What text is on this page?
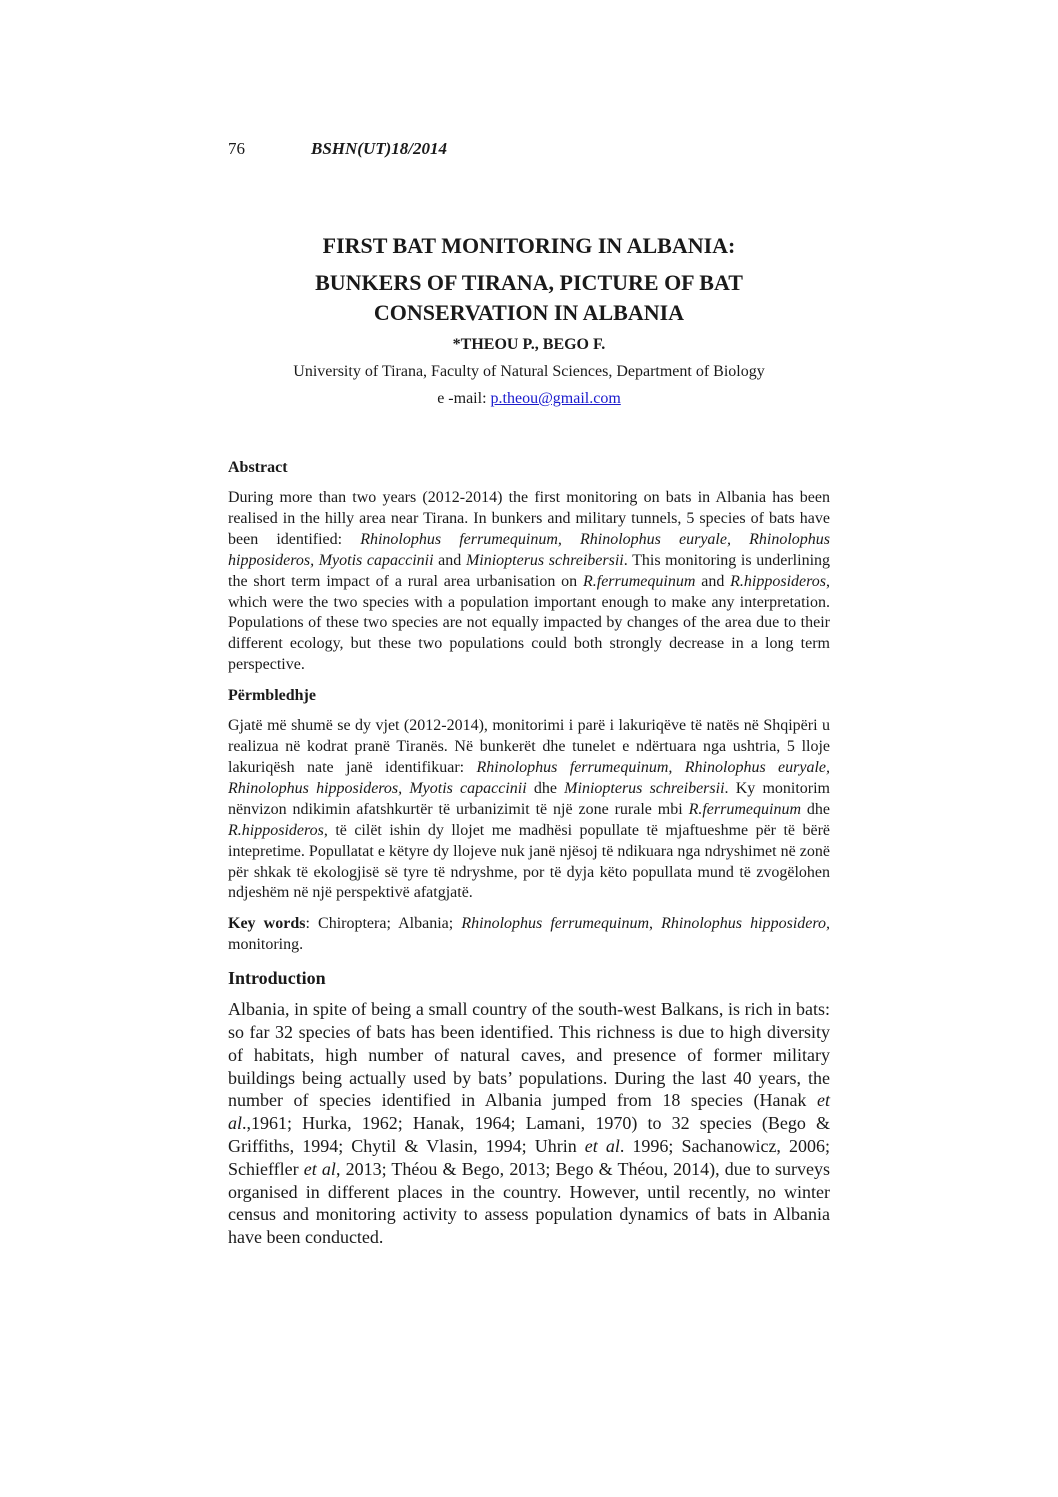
76	BSHN(UT)18/2014

FIRST BAT MONITORING IN ALBANIA:

BUNKERS OF TIRANA, PICTURE OF BAT

CONSERVATION IN ALBANIA

*THEOU P., BEGO F.
University of Tirana, Faculty of Natural Sciences, Department of Biology
e -mail: p.theou@gmail.com
Abstract

During more than two years (2012-2014) the first monitoring on bats in Albania has been realised in the hilly area near Tirana. In bunkers and military tunnels, 5 species of bats have been identified: Rhinolophus ferrumequinum, Rhinolophus euryale, Rhinolophus hipposideros, Myotis capaccinii and Miniopterus schreibersii. This monitoring is underlining the short term impact of a rural area urbanisation on R.ferrumequinum and R.hipposideros, which were the two species with a population important enough to make any interpretation. Populations of these two species are not equally impacted by changes of the area due to their different ecology, but these two populations could both strongly decrease in a long term perspective.

Përmbledhje

Gjatë më shumë se dy vjet (2012-2014), monitorimi i parë i lakuriqëve të natës në Shqipëri u realizua në kodrat pranë Tiranës. Në bunkerët dhe tunelet e ndërtuara nga ushtria, 5 lloje lakuriqësh nate janë identifikuar: Rhinolophus ferrumequinum, Rhinolophus euryale, Rhinolophus hipposideros, Myotis capaccinii dhe Miniopterus schreibersii. Ky monitorim nënvizon ndikimin afatshkurtër të urbanizimit të një zone rurale mbi R.ferrumequinum dhe R.hipposideros, të cilët ishin dy llojet me madhësi popullate të mjaftueshme për të bërë intepretime. Popullatat e këtyre dy llojeve nuk janë njësoj të ndikuara nga ndryshimet në zonë për shkak të ekologjisë së tyre të ndryshme, por të dyja këto popullata mund të zvogëlohen ndjeshëm në një perspektivë afatgjatë.

Key words: Chiroptera; Albania; Rhinolophus ferrumequinum, Rhinolophus hipposidero, monitoring.
Introduction

Albania, in spite of being a small country of the south-west Balkans, is rich in bats: so far 32 species of bats has been identified. This richness is due to high diversity of habitats, high number of natural caves, and presence of former military buildings being actually used by bats’ populations. During the last 40 years, the number of species identified in Albania jumped from 18 species (Hanak et al.,1961; Hurka, 1962; Hanak, 1964; Lamani, 1970) to 32 species (Bego & Griffiths, 1994; Chytil & Vlasin, 1994; Uhrin et al. 1996; Sachanowicz, 2006; Schieffler et al, 2013; Théou & Bego, 2013; Bego & Théou, 2014), due to surveys organised in different places in the country. However, until recently, no winter census and monitoring activity to assess population dynamics of bats in Albania have been conducted.
